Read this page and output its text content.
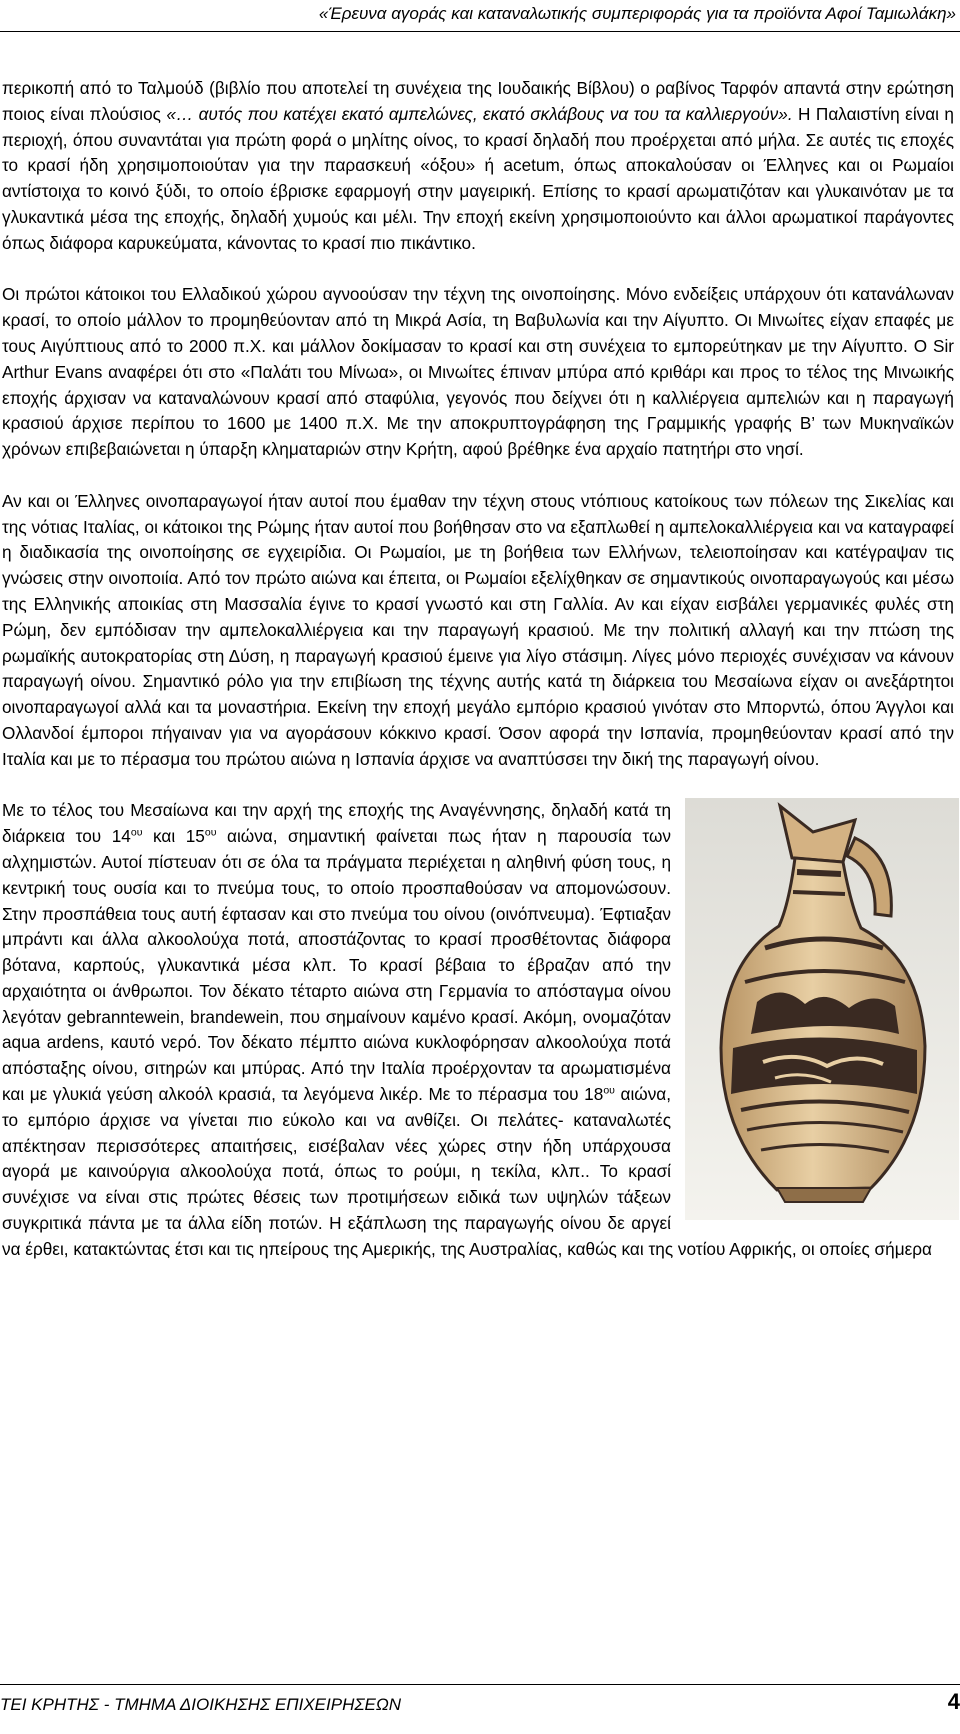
«Έρευνα αγοράς και καταναλωτικής συμπεριφοράς για τα προϊόντα Αφοί Ταμιωλάκη»

περικοπή από το Ταλμούδ (βιβλίο που αποτελεί τη συνέχεια της Ιουδαικής Βίβλου) ο ραβίνος Ταρφόν απαντά στην ερώτηση ποιος είναι πλούσιος «… αυτός που κατέχει εκατό αμπελώνες, εκατό σκλάβους να του τα καλλιεργούν». Η Παλαιστίνη είναι η περιοχή, όπου συναντάται για πρώτη φορά ο μηλίτης οίνος, το κρασί δηλαδή που προέρχεται από μήλα. Σε αυτές τις εποχές το κρασί ήδη χρησιμοποιούταν για την παρασκευή «όξου» ή acetum, όπως αποκαλούσαν οι Έλληνες και οι Ρωμαίοι αντίστοιχα το κοινό ξύδι, το οποίο έβρισκε εφαρμογή στην μαγειρική. Επίσης το κρασί αρωματιζόταν και γλυκαινόταν με τα γλυκαντικά μέσα της εποχής, δηλαδή χυμούς και μέλι. Την εποχή εκείνη χρησιμοποιούντο και άλλοι αρωματικοί παράγοντες όπως διάφορα καρυκεύματα, κάνοντας το κρασί πιο πικάντικο.

Οι πρώτοι κάτοικοι του Ελλαδικού χώρου αγνοούσαν την τέχνη της οινοποίησης. Μόνο ενδείξεις υπάρχουν ότι κατανάλωναν κρασί, το οποίο μάλλον το προμηθεύονταν από τη Μικρά Ασία, τη Βαβυλωνία και την Αίγυπτο. Οι Μινωίτες είχαν επαφές με τους Αιγύπτιους από το 2000 π.Χ. και μάλλον δοκίμασαν το κρασί και στη συνέχεια το εμπορεύτηκαν με την Αίγυπτο. Ο Sir Arthur Evans αναφέρει ότι στο «Παλάτι του Μίνωα», οι Μινωίτες έπιναν μπύρα από κριθάρι και προς το τέλος της Μινωικής εποχής άρχισαν να καταναλώνουν κρασί από σταφύλια, γεγονός που δείχνει ότι η καλλιέργεια αμπελιών και η παραγωγή κρασιού άρχισε περίπου το 1600 με 1400 π.Χ. Με την αποκρυπτογράφηση της Γραμμικής γραφής Β’ των Μυκηναϊκών χρόνων επιβεβαιώνεται η ύπαρξη κληματαριών στην Κρήτη, αφού βρέθηκε ένα αρχαίο πατητήρι στο νησί.

Αν και οι Έλληνες οινοπαραγωγοί ήταν αυτοί που έμαθαν την τέχνη στους ντόπιους κατοίκους των πόλεων της Σικελίας και της νότιας Ιταλίας, οι κάτοικοι της Ρώμης ήταν αυτοί που βοήθησαν στο να εξαπλωθεί η αμπελοκαλλιέργεια και να καταγραφεί η διαδικασία της οινοποίησης σε εγχειρίδια. Οι Ρωμαίοι, με τη βοήθεια των Ελλήνων, τελειοποίησαν και κατέγραψαν τις γνώσεις στην οινοποιία. Από τον πρώτο αιώνα και έπειτα, οι Ρωμαίοι εξελίχθηκαν σε σημαντικούς οινοπαραγωγούς και μέσω της Ελληνικής αποικίας στη Μασσαλία έγινε το κρασί γνωστό και στη Γαλλία. Αν και είχαν εισβάλει γερμανικές φυλές στη Ρώμη, δεν εμπόδισαν την αμπελοκαλλιέργεια και την παραγωγή κρασιού. Με την πολιτική αλλαγή και την πτώση της ρωμαϊκής αυτοκρατορίας στη Δύση, η παραγωγή κρασιού έμεινε για λίγο στάσιμη. Λίγες μόνο περιοχές συνέχισαν να κάνουν παραγωγή οίνου. Σημαντικό ρόλο για την επιβίωση της τέχνης αυτής κατά τη διάρκεια του Μεσαίωνα είχαν οι ανεξάρτητοι οινοπαραγωγοί αλλά και τα μοναστήρια. Εκείνη την εποχή μεγάλο εμπόριο κρασιού γινόταν στο Μπορντώ, όπου Άγγλοι και Ολλανδοί έμποροι πήγαιναν για να αγοράσουν κόκκινο κρασί. Όσον αφορά την Ισπανία, προμηθεύονταν κρασί από την Ιταλία και με το πέρασμα του πρώτου αιώνα η Ισπανία άρχισε να αναπτύσσει την δική της παραγωγή οίνου.

Με το τέλος του Μεσαίωνα και την αρχή της εποχής της Αναγέννησης, δηλαδή κατά τη διάρκεια του $14^{o\upsilon}$ και $15^{o\upsilon}$ αιώνα, σημαντική φαίνεται πως ήταν η παρουσία των αλχημιστών. Αυτοί πίστευαν ότι σε όλα τα πράγματα περιέχεται η αληθινή φύση τους, η κεντρική τους ουσία και το πνεύμα τους, το οποίο προσπαθούσαν να απομονώσουν. Στην προσπάθεια τους αυτή έφτασαν και στο πνεύμα του οίνου (οινόπνευμα). Έφτιαξαν μπράντι και άλλα αλκοολούχα ποτά, αποστάζοντας το κρασί προσθέτοντας διάφορα βότανα, καρπούς, γλυκαντικά μέσα κλπ. Το κρασί βέβαια το έβραζαν από την αρχαιότητα οι άνθρωποι. Τον δέκατο τέταρτο αιώνα στη Γερμανία το απόσταγμα οίνου λεγόταν gebranntewein, brandewein, που σημαίνουν καμένο κρασί. Ακόμη, ονομαζόταν aqua ardens, καυτό νερό. Τον δέκατο πέμπτο αιώνα κυκλοφόρησαν αλκοολούχα ποτά απόσταξης οίνου, σιτηρών και μπύρας. Από την Ιταλία προέρχονταν τα αρωματισμένα και με γλυκιά γεύση αλκοόλ κρασιά, τα λεγόμενα λικέρ. Με το πέρασμα του $18^{o\upsilon}$ αιώνα, το εμπόριο άρχισε να γίνεται πιο εύκολο και να ανθίζει. Οι πελάτες- καταναλωτές απέκτησαν περισσότερες απαιτήσεις, εισέβαλαν νέες χώρες στην ήδη υπάρχουσα αγορά με καινούργια αλκοολούχα ποτά, όπως το ρούμι, η τεκίλα, κλπ.. Το κρασί συνέχισε να είναι στις πρώτες θέσεις των προτιμήσεων ειδικά των υψηλών τάξεων συγκριτικά πάντα με τα άλλα είδη ποτών. Η εξάπλωση της παραγωγής οίνου δε αργεί να έρθει, κατακτώντας έτσι και τις ηπείρους της Αμερικής, της Αυστραλίας, καθώς και της νοτίου Αφρικής, οι οποίες σήμερα

ΤΕΙ ΚΡΗΤΗΣ - ΤΜΗΜΑ ΔΙΟΙΚΗΣΗΣ ΕΠΙΧΕΙΡΗΣΕΩΝ	4
